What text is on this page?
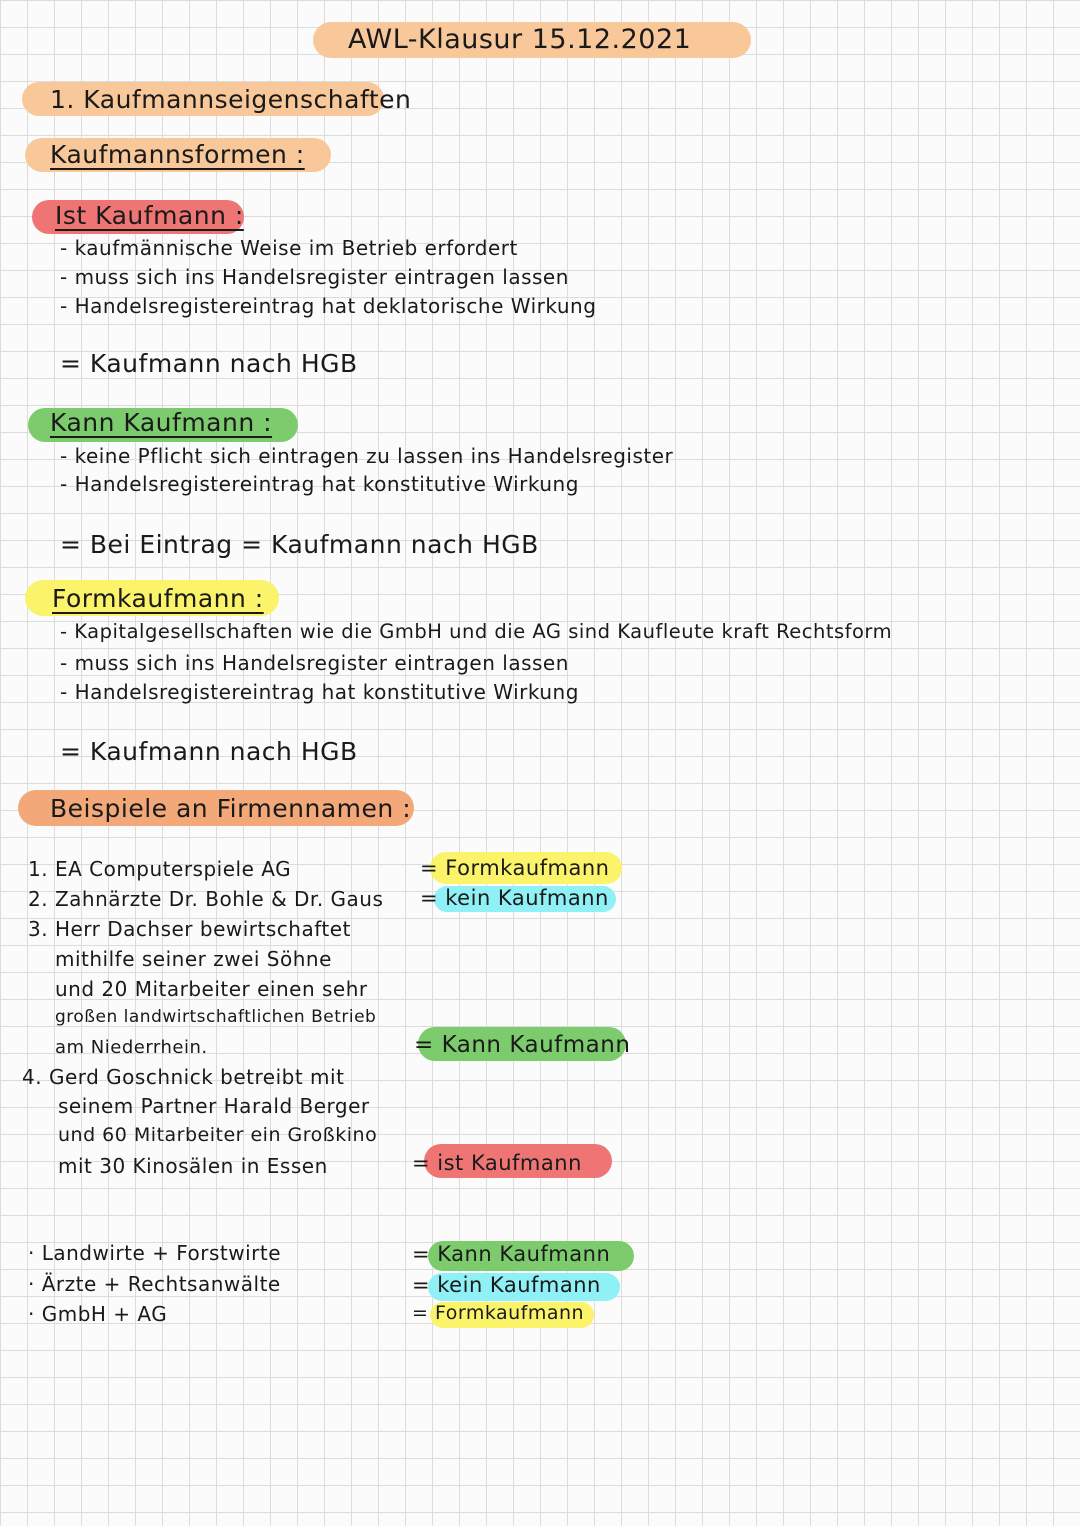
AWL-Klausur 15.12.2021
1. Kaufmannseigenschaften
Kaufmannsformen :
Ist Kaufmann :
- kaufmännische Weise im Betrieb erfordert
- muss sich ins Handelsregister eintragen lassen
- Handelsregistereintrag hat deklatorische Wirkung
= Kaufmann nach HGB
Kann Kaufmann :
- keine Pflicht sich eintragen zu lassen ins Handelsregister
- Handelsregistereintrag hat konstitutive Wirkung
= Bei Eintrag = Kaufmann nach HGB
Formkaufmann :
- Kapitalgesellschaften wie die GmbH und die AG sind Kaufleute kraft Rechtsform
- muss sich ins Handelsregister eintragen lassen
- Handelsregistereintrag hat konstitutive Wirkung
= Kaufmann nach HGB
Beispiele an Firmennamen :
1. EA Computerspiele AG	= Formkaufmann
2. Zahnärzte Dr. Bohle & Dr. Gaus = kein Kaufmann
3. Herr Dachser bewirtschaftet
mithilfe seiner zwei Söhne
und 20 Mitarbeiter einen sehr
großen landwirtschaftlichen Betrieb
am Niederrhein.	= Kann Kaufmann
4. Gerd Goschnick betreibt mit
seinem Partner Harald Berger
und 60 Mitarbeiter ein Großkino
mit 30 Kinosälen in Essen	= ist Kaufmann
· Landwirte + Forstwirte	= Kann Kaufmann
· Ärzte + Rechtsanwälte	= kein Kaufmann
· GmbH + AG	= Formkaufmann
